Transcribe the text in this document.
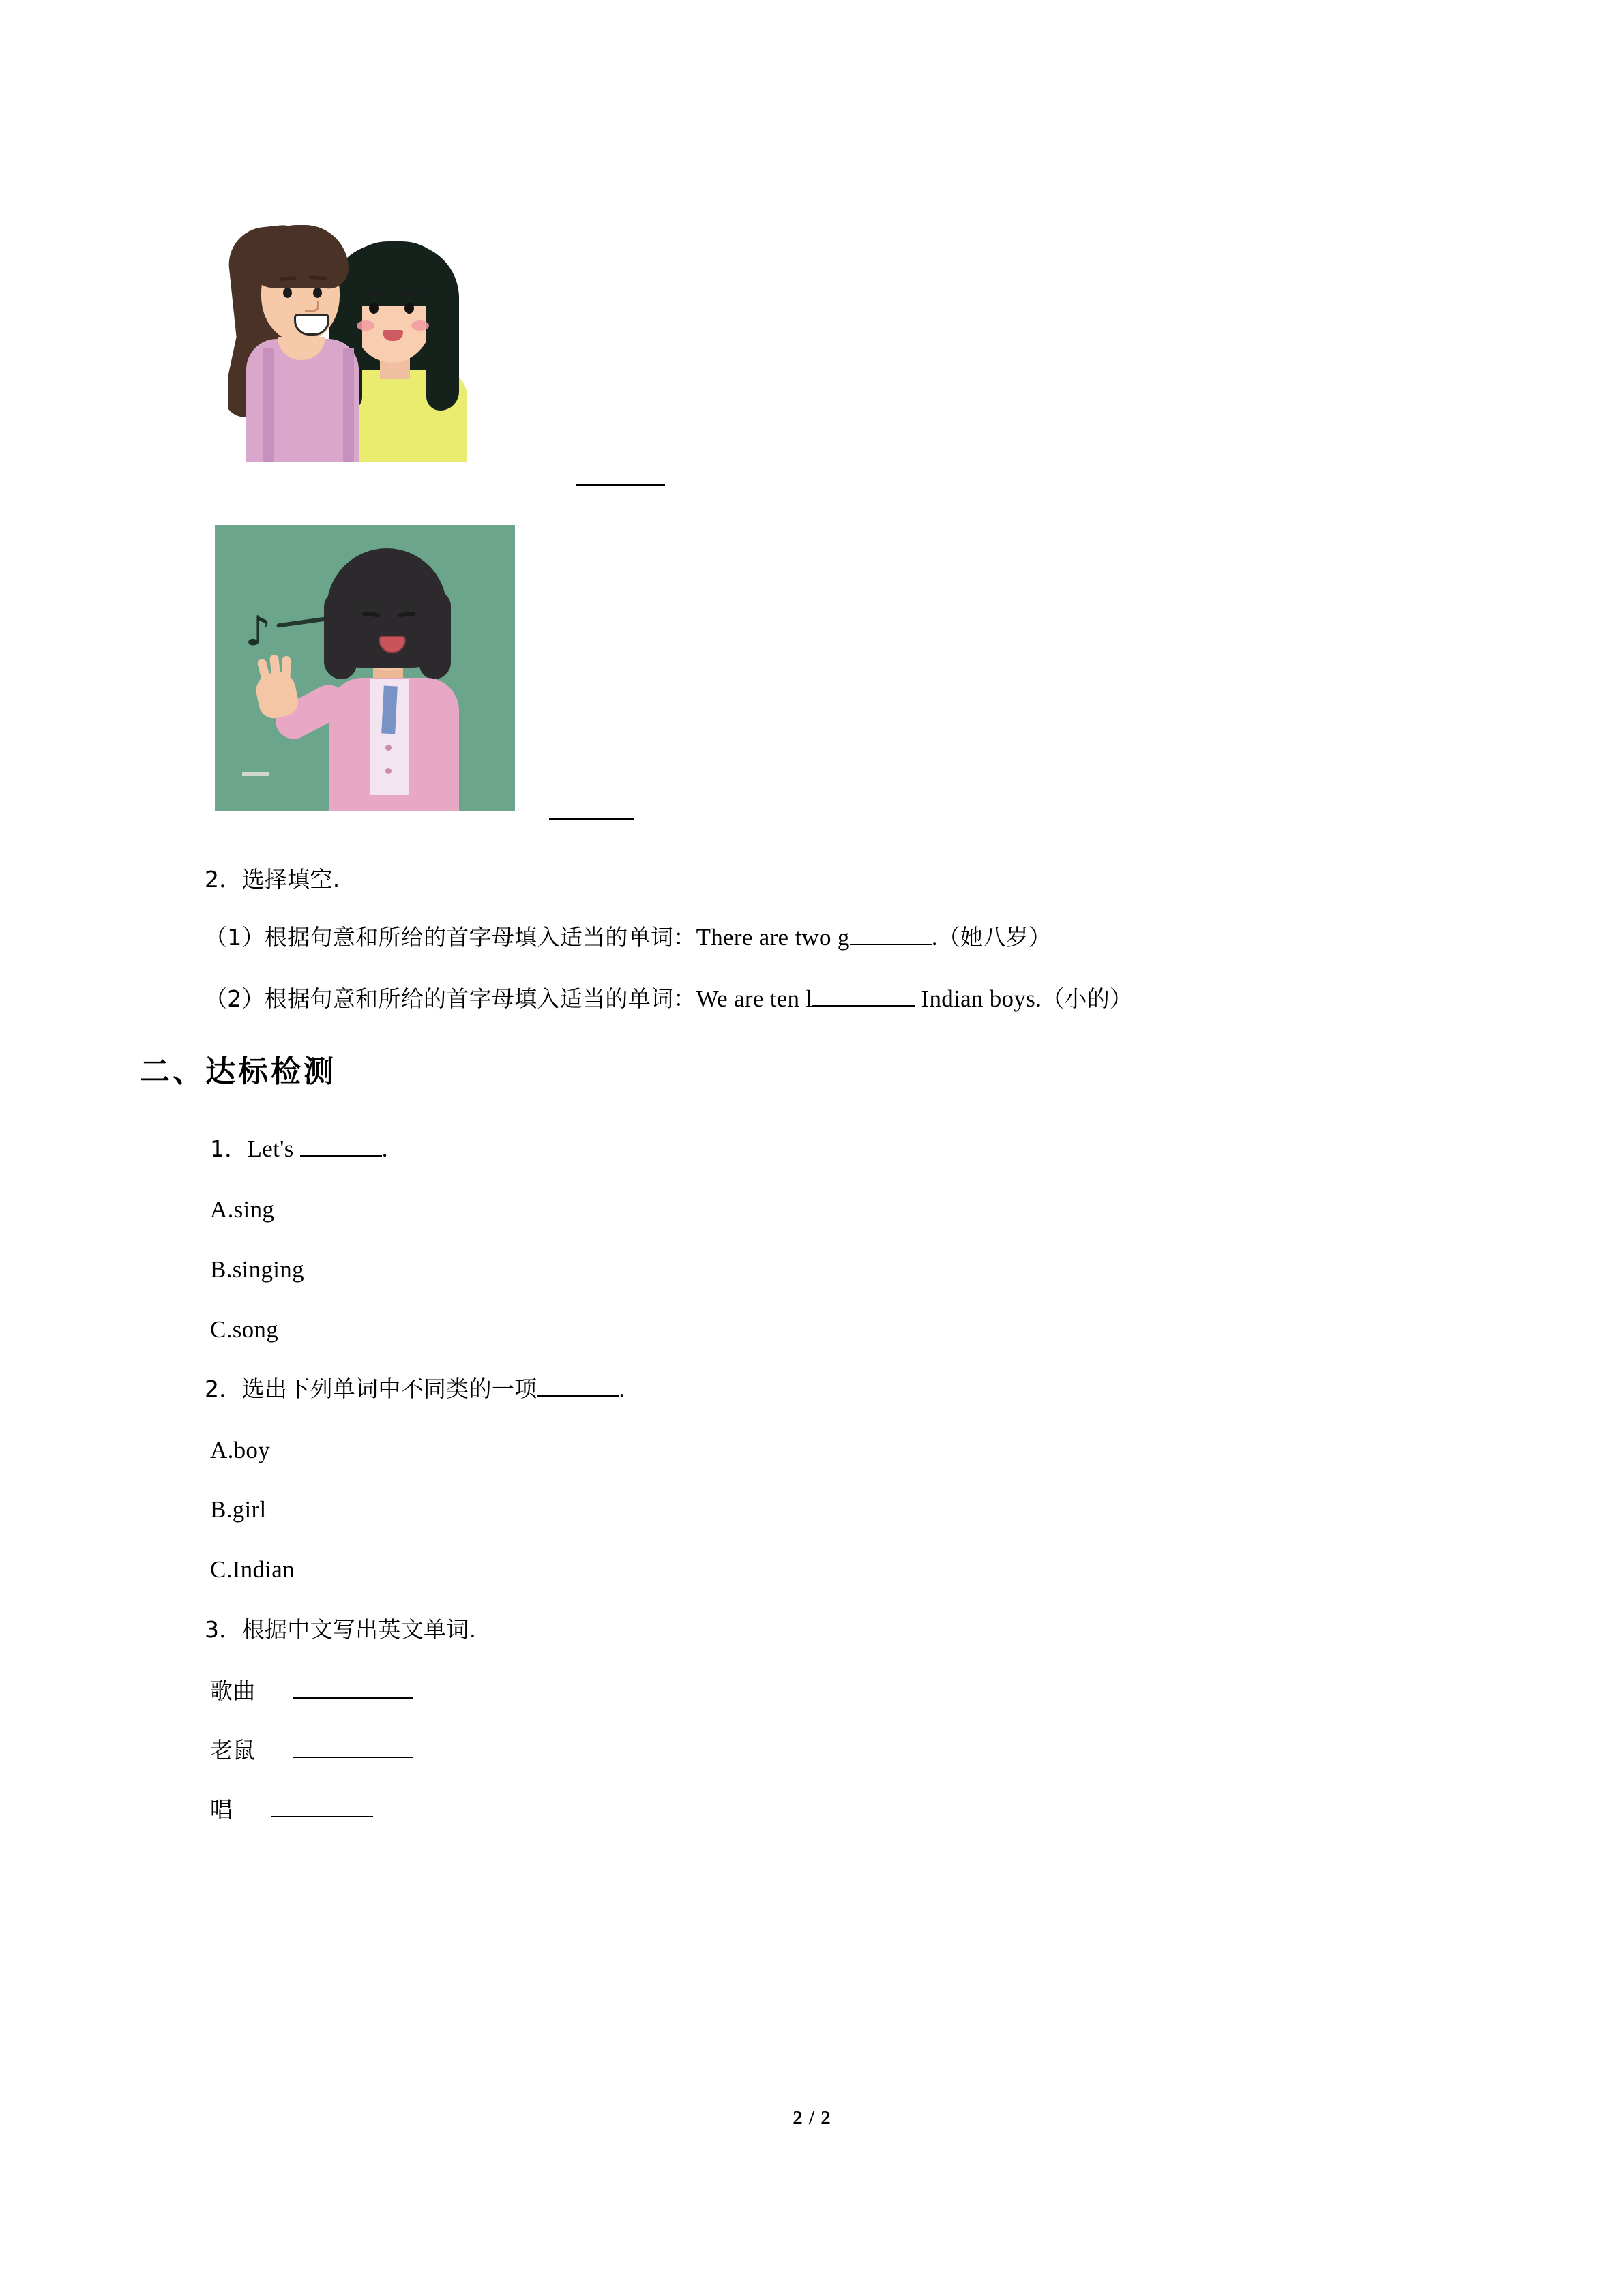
♪
2．选择填空.
（1）根据句意和所给的首字母填入适当的单词：There are two g	.（她八岁）
（2）根据句意和所给的首字母填入适当的单词：We are ten l	Indian boys.（小的）
二、达标检测
1．Let's	.
A.sing
B.singing
C.song
2．选出下列单词中不同类的一项	.
A.boy
B.girl
C.Indian
3．根据中文写出英文单词.
歌曲
老鼠
唱
2 / 2
